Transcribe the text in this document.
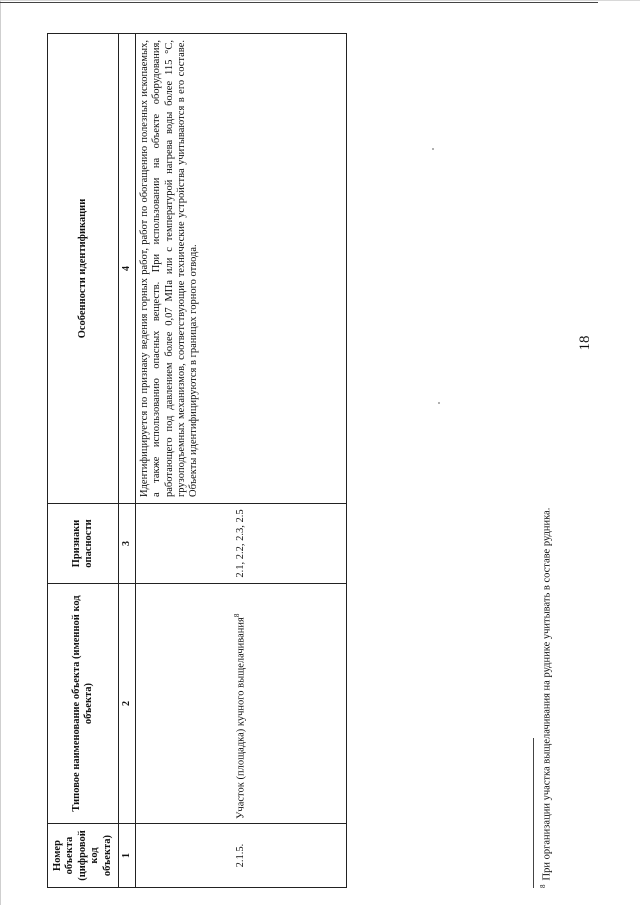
18
Номер объекта (цифровой код объекта)	Типовое наименование объекта (именной код объекта)	Признаки опасности	Особенности идентификации
1	2	3	4
2.1.5.	Участок (площадка) кучного выщелачивания$^8$	2.1, 2.2, 2.3, 2.5	Идентифицируется по признаку ведения горных работ, работ по обогащению полезных ископаемых, а также использованию опасных веществ. При использовании на объекте оборудования, работающего под давлением более 0,07 МПа или с температурой нагрева воды более 115 °С, грузоподъемных механизмов, соответствующие технические устройства учитываются в его составе. Объекты идентифицируются в границах горного отвода.

$^8$При организации участка выщелачивания на руднике учитывать в составе рудника.
